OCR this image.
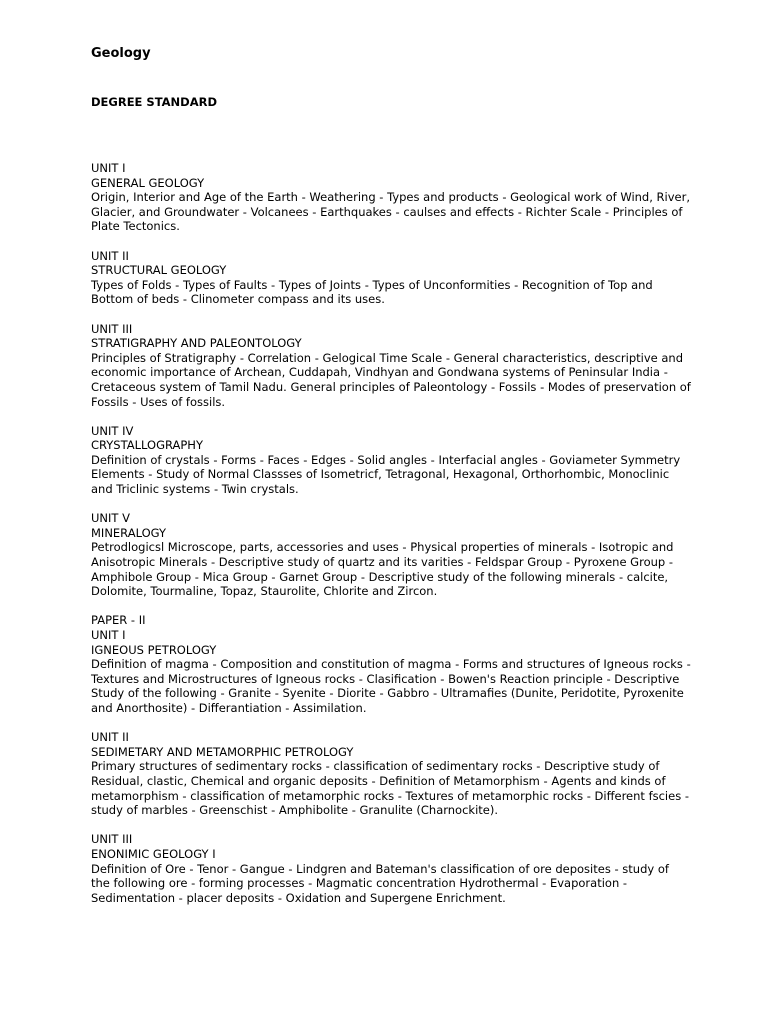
Geology

DEGREE STANDARD

UNIT I
GENERAL GEOLOGY
Origin, Interior and Age of the Earth - Weathering - Types and products - Geological work of Wind, River, Glacier, and Groundwater - Volcanees - Earthquakes - caulses and effects - Richter Scale - Principles of Plate Tectonics.
UNIT II
STRUCTURAL GEOLOGY
Types of Folds - Types of Faults - Types of Joints - Types of Unconformities - Recognition of Top and Bottom of beds - Clinometer compass and its uses.
UNIT III
STRATIGRAPHY AND PALEONTOLOGY
Principles of Stratigraphy - Correlation - Gelogical Time Scale - General characteristics, descriptive and economic importance of Archean, Cuddapah, Vindhyan and Gondwana systems of Peninsular India - Cretaceous system of Tamil Nadu. General principles of Paleontology - Fossils - Modes of preservation of Fossils - Uses of fossils.
UNIT IV
CRYSTALLOGRAPHY
Definition of crystals - Forms - Faces - Edges - Solid angles - Interfacial angles - Goviameter Symmetry Elements - Study of Normal Classses of Isometricf, Tetragonal, Hexagonal, Orthorhombic, Monoclinic and Triclinic systems - Twin crystals.
UNIT V
MINERALOGY
Petrodlogicsl Microscope, parts, accessories and uses - Physical properties of minerals - Isotropic and Anisotropic Minerals - Descriptive study of quartz and its varities - Feldspar Group - Pyroxene Group - Amphibole Group - Mica Group - Garnet Group - Descriptive study of the following minerals - calcite, Dolomite, Tourmaline, Topaz, Staurolite, Chlorite and Zircon.
PAPER - II
UNIT I
IGNEOUS PETROLOGY
Definition of magma - Composition and constitution of magma - Forms and structures of Igneous rocks - Textures and Microstructures of Igneous rocks - Clasification - Bowen's Reaction principle - Descriptive Study of the following - Granite - Syenite - Diorite - Gabbro - Ultramafies (Dunite, Peridotite, Pyroxenite and Anorthosite) - Differantiation - Assimilation.
UNIT II
SEDIMETARY AND METAMORPHIC PETROLOGY
Primary structures of sedimentary rocks - classification of sedimentary rocks - Descriptive study of Residual, clastic, Chemical and organic deposits - Definition of Metamorphism - Agents and kinds of metamorphism - classification of metamorphic rocks - Textures of metamorphic rocks - Different fscies - study of marbles - Greenschist - Amphibolite - Granulite (Charnockite).
UNIT III
ENONIMIC GEOLOGY I
Definition of Ore - Tenor - Gangue - Lindgren and Bateman's classification of ore deposites - study of the following ore - forming processes - Magmatic concentration Hydrothermal - Evaporation - Sedimentation - placer deposits - Oxidation and Supergene Enrichment.
